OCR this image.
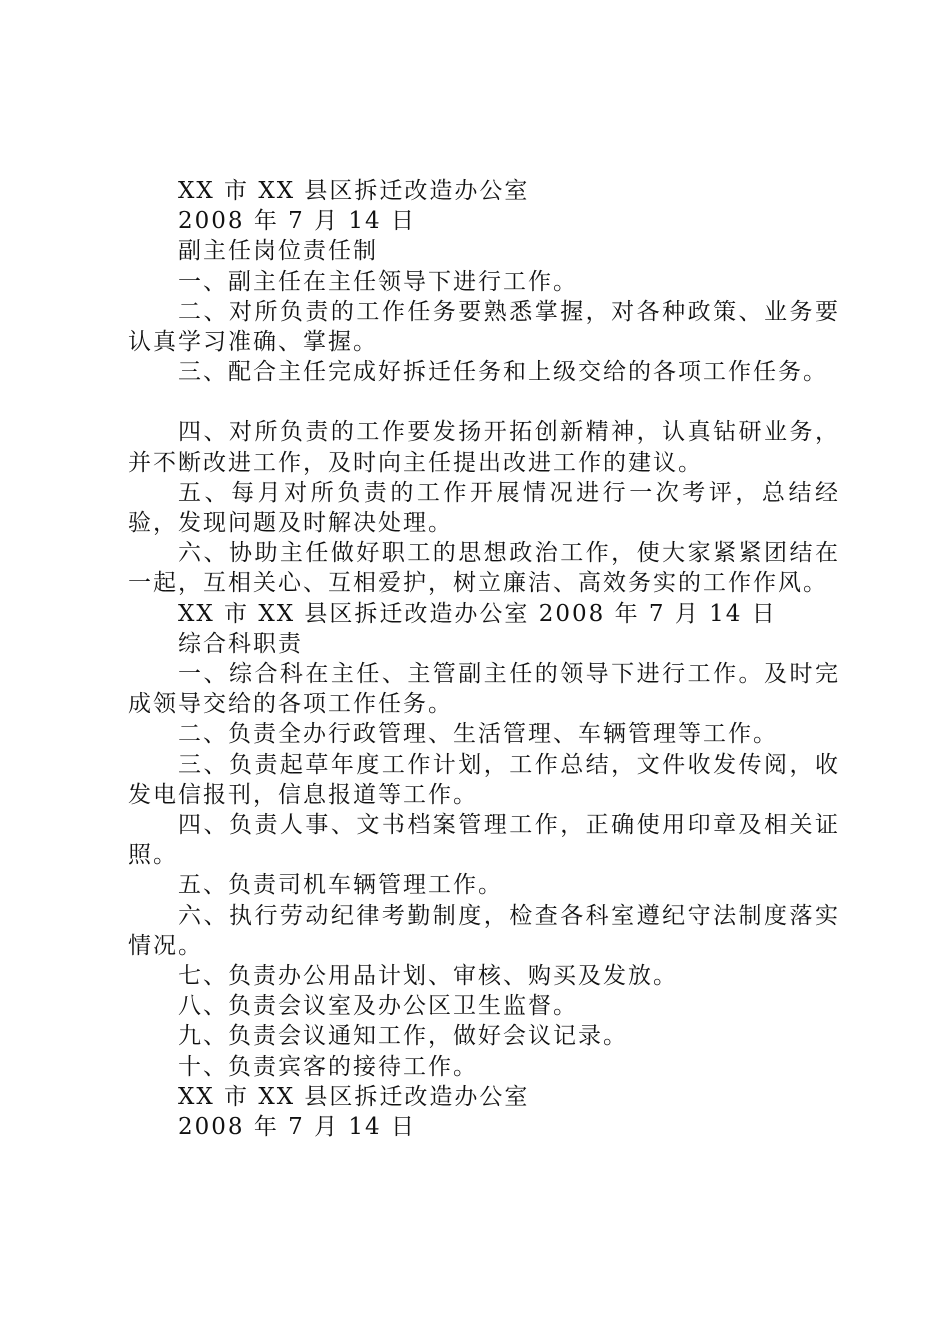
XX 市 XX 县区拆迁改造办公室

2008 年 7 月 14 日

副主任岗位责任制

一、副主任在主任领导下进行工作。

二、对所负责的工作任务要熟悉掌握，对各种政策、业务要认真学习准确、掌握。

三、配合主任完成好拆迁任务和上级交给的各项工作任务。

四、对所负责的工作要发扬开拓创新精神，认真钻研业务，并不断改进工作，及时向主任提出改进工作的建议。

五、每月对所负责的工作开展情况进行一次考评，总结经验，发现问题及时解决处理。

六、协助主任做好职工的思想政治工作，使大家紧紧团结在一起，互相关心、互相爱护，树立廉洁、高效务实的工作作风。

XX 市 XX 县区拆迁改造办公室 2008 年 7 月 14 日

综合科职责

一、综合科在主任、主管副主任的领导下进行工作。及时完成领导交给的各项工作任务。

二、负责全办行政管理、生活管理、车辆管理等工作。

三、负责起草年度工作计划，工作总结，文件收发传阅，收发电信报刊，信息报道等工作。

四、负责人事、文书档案管理工作，正确使用印章及相关证照。

五、负责司机车辆管理工作。

六、执行劳动纪律考勤制度，检查各科室遵纪守法制度落实情况。

七、负责办公用品计划、审核、购买及发放。

八、负责会议室及办公区卫生监督。

九、负责会议通知工作，做好会议记录。

十、负责宾客的接待工作。

XX 市 XX 县区拆迁改造办公室

2008 年 7 月 14 日
